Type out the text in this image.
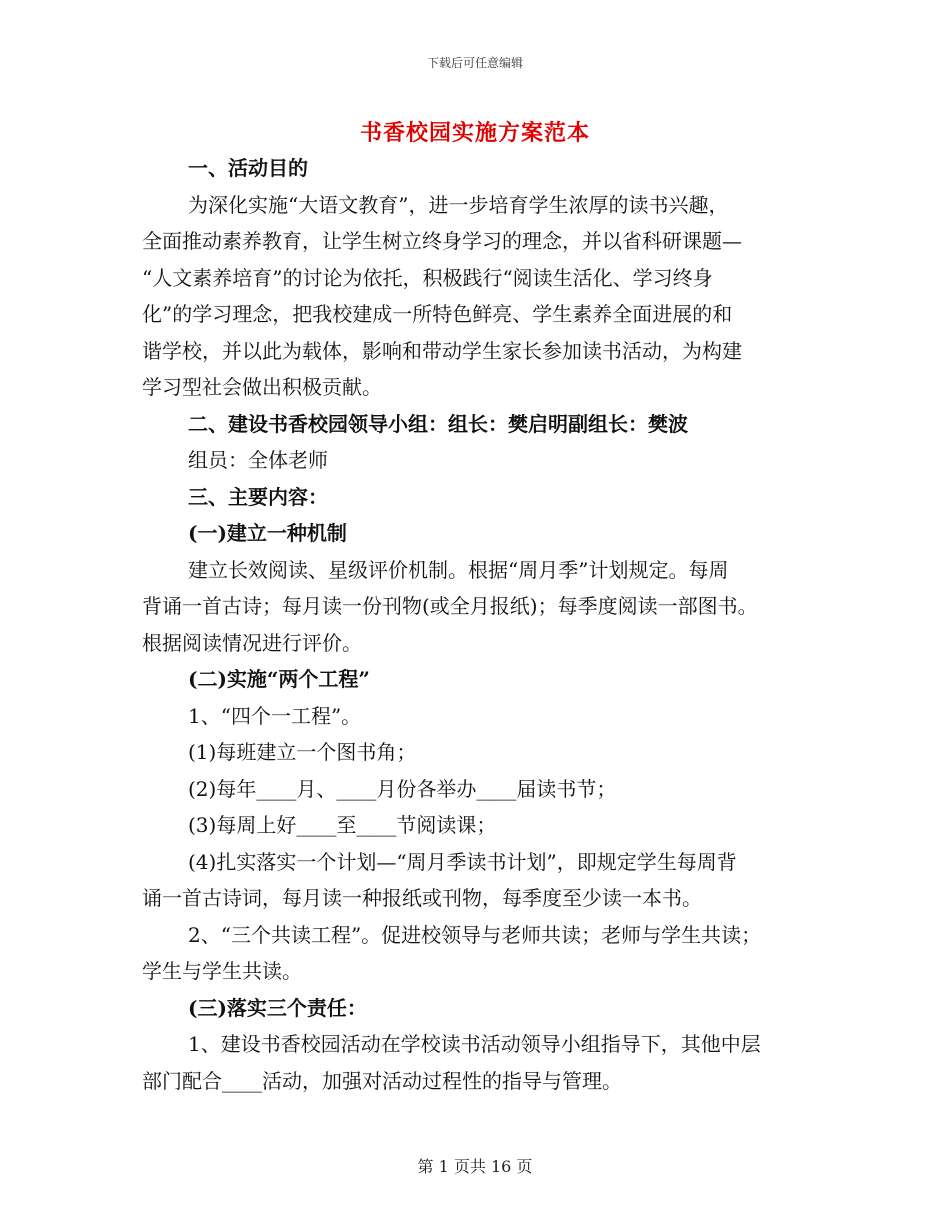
下载后可任意编辑
书香校园实施方案范本

一、活动目的

为深化实施“大语文教育”，进一步培育学生浓厚的读书兴趣，

全面推动素养教育，让学生树立终身学习的理念，并以省科研课题—

“人文素养培育”的讨论为依托，积极践行“阅读生活化、学习终身

化”的学习理念，把我校建成一所特色鲜亮、学生素养全面进展的和

谐学校，并以此为载体，影响和带动学生家长参加读书活动，为构建

学习型社会做出积极贡献。

二、建设书香校园领导小组：组长：樊启明副组长：樊波

组员：全体老师

三、主要内容：

(一)建立一种机制

建立长效阅读、星级评价机制。根据“周月季”计划规定。每周

背诵一首古诗；每月读一份刊物(或全月报纸)；每季度阅读一部图书。

根据阅读情况进行评价。

(二)实施“两个工程”

1、“四个一工程”。

(1)每班建立一个图书角；

(2)每年____月、____月份各举办____届读书节；

(3)每周上好____至____节阅读课；

(4)扎实落实一个计划—“周月季读书计划”，即规定学生每周背

诵一首古诗词，每月读一种报纸或刊物，每季度至少读一本书。

2、“三个共读工程”。促进校领导与老师共读；老师与学生共读；

学生与学生共读。

(三)落实三个责任：

1、建设书香校园活动在学校读书活动领导小组指导下，其他中层

部门配合____活动，加强对活动过程性的指导与管理。

第 1 页共 16 页
